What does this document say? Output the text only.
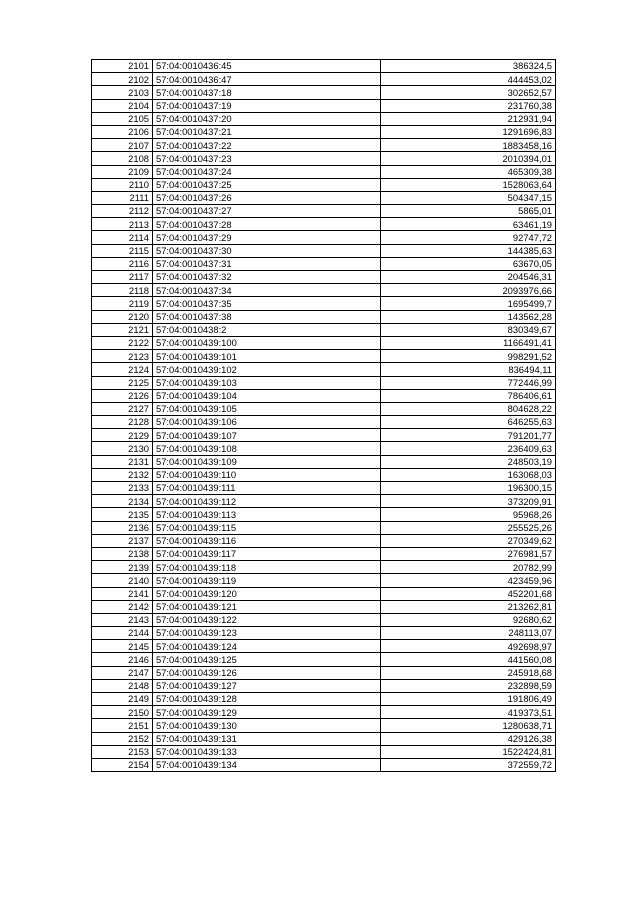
2101	57:04:0010436:45	386324,5
2102	57:04:0010436:47	444453,02
2103	57:04:0010437:18	302652,57
2104	57:04:0010437:19	231760,38
2105	57:04:0010437:20	212931,94
2106	57:04:0010437:21	1291696,83
2107	57:04:0010437:22	1883458,16
2108	57:04:0010437:23	2010394,01
2109	57:04:0010437:24	465309,38
2110	57:04:0010437:25	1528063,64
2111	57:04:0010437:26	504347,15
2112	57:04:0010437:27	5865,01
2113	57:04:0010437:28	63461,19
2114	57:04:0010437:29	92747,72
2115	57:04:0010437:30	144385,63
2116	57:04:0010437:31	63670,05
2117	57:04:0010437:32	204546,31
2118	57:04:0010437:34	2093976,66
2119	57:04:0010437:35	1695499,7
2120	57:04:0010437:38	143562,28
2121	57:04:0010438:2	830349,67
2122	57:04:0010439:100	1166491,41
2123	57:04:0010439:101	998291,52
2124	57:04:0010439:102	836494,11
2125	57:04:0010439:103	772446,99
2126	57:04:0010439:104	786406,61
2127	57:04:0010439:105	804628,22
2128	57:04:0010439:106	646255,63
2129	57:04:0010439:107	791201,77
2130	57:04:0010439:108	236409,63
2131	57:04:0010439:109	248503,19
2132	57:04:0010439:110	163068,03
2133	57:04:0010439:111	196300,15
2134	57:04:0010439:112	373209,91
2135	57:04:0010439:113	95968,26
2136	57:04:0010439:115	255525,26
2137	57:04:0010439:116	270349,62
2138	57:04:0010439:117	276981,57
2139	57:04:0010439:118	20782,99
2140	57:04:0010439:119	423459,96
2141	57:04:0010439:120	452201,68
2142	57:04:0010439:121	213262,81
2143	57:04:0010439:122	92680,62
2144	57:04:0010439:123	248113,07
2145	57:04:0010439:124	492698,97
2146	57:04:0010439:125	441560,08
2147	57:04:0010439:126	245918,68
2148	57:04:0010439:127	232898,59
2149	57:04:0010439:128	191806,49
2150	57:04:0010439:129	419373,51
2151	57:04:0010439:130	1280638,71
2152	57:04:0010439:131	429126,38
2153	57:04:0010439:133	1522424,81
2154	57:04:0010439:134	372559,72
